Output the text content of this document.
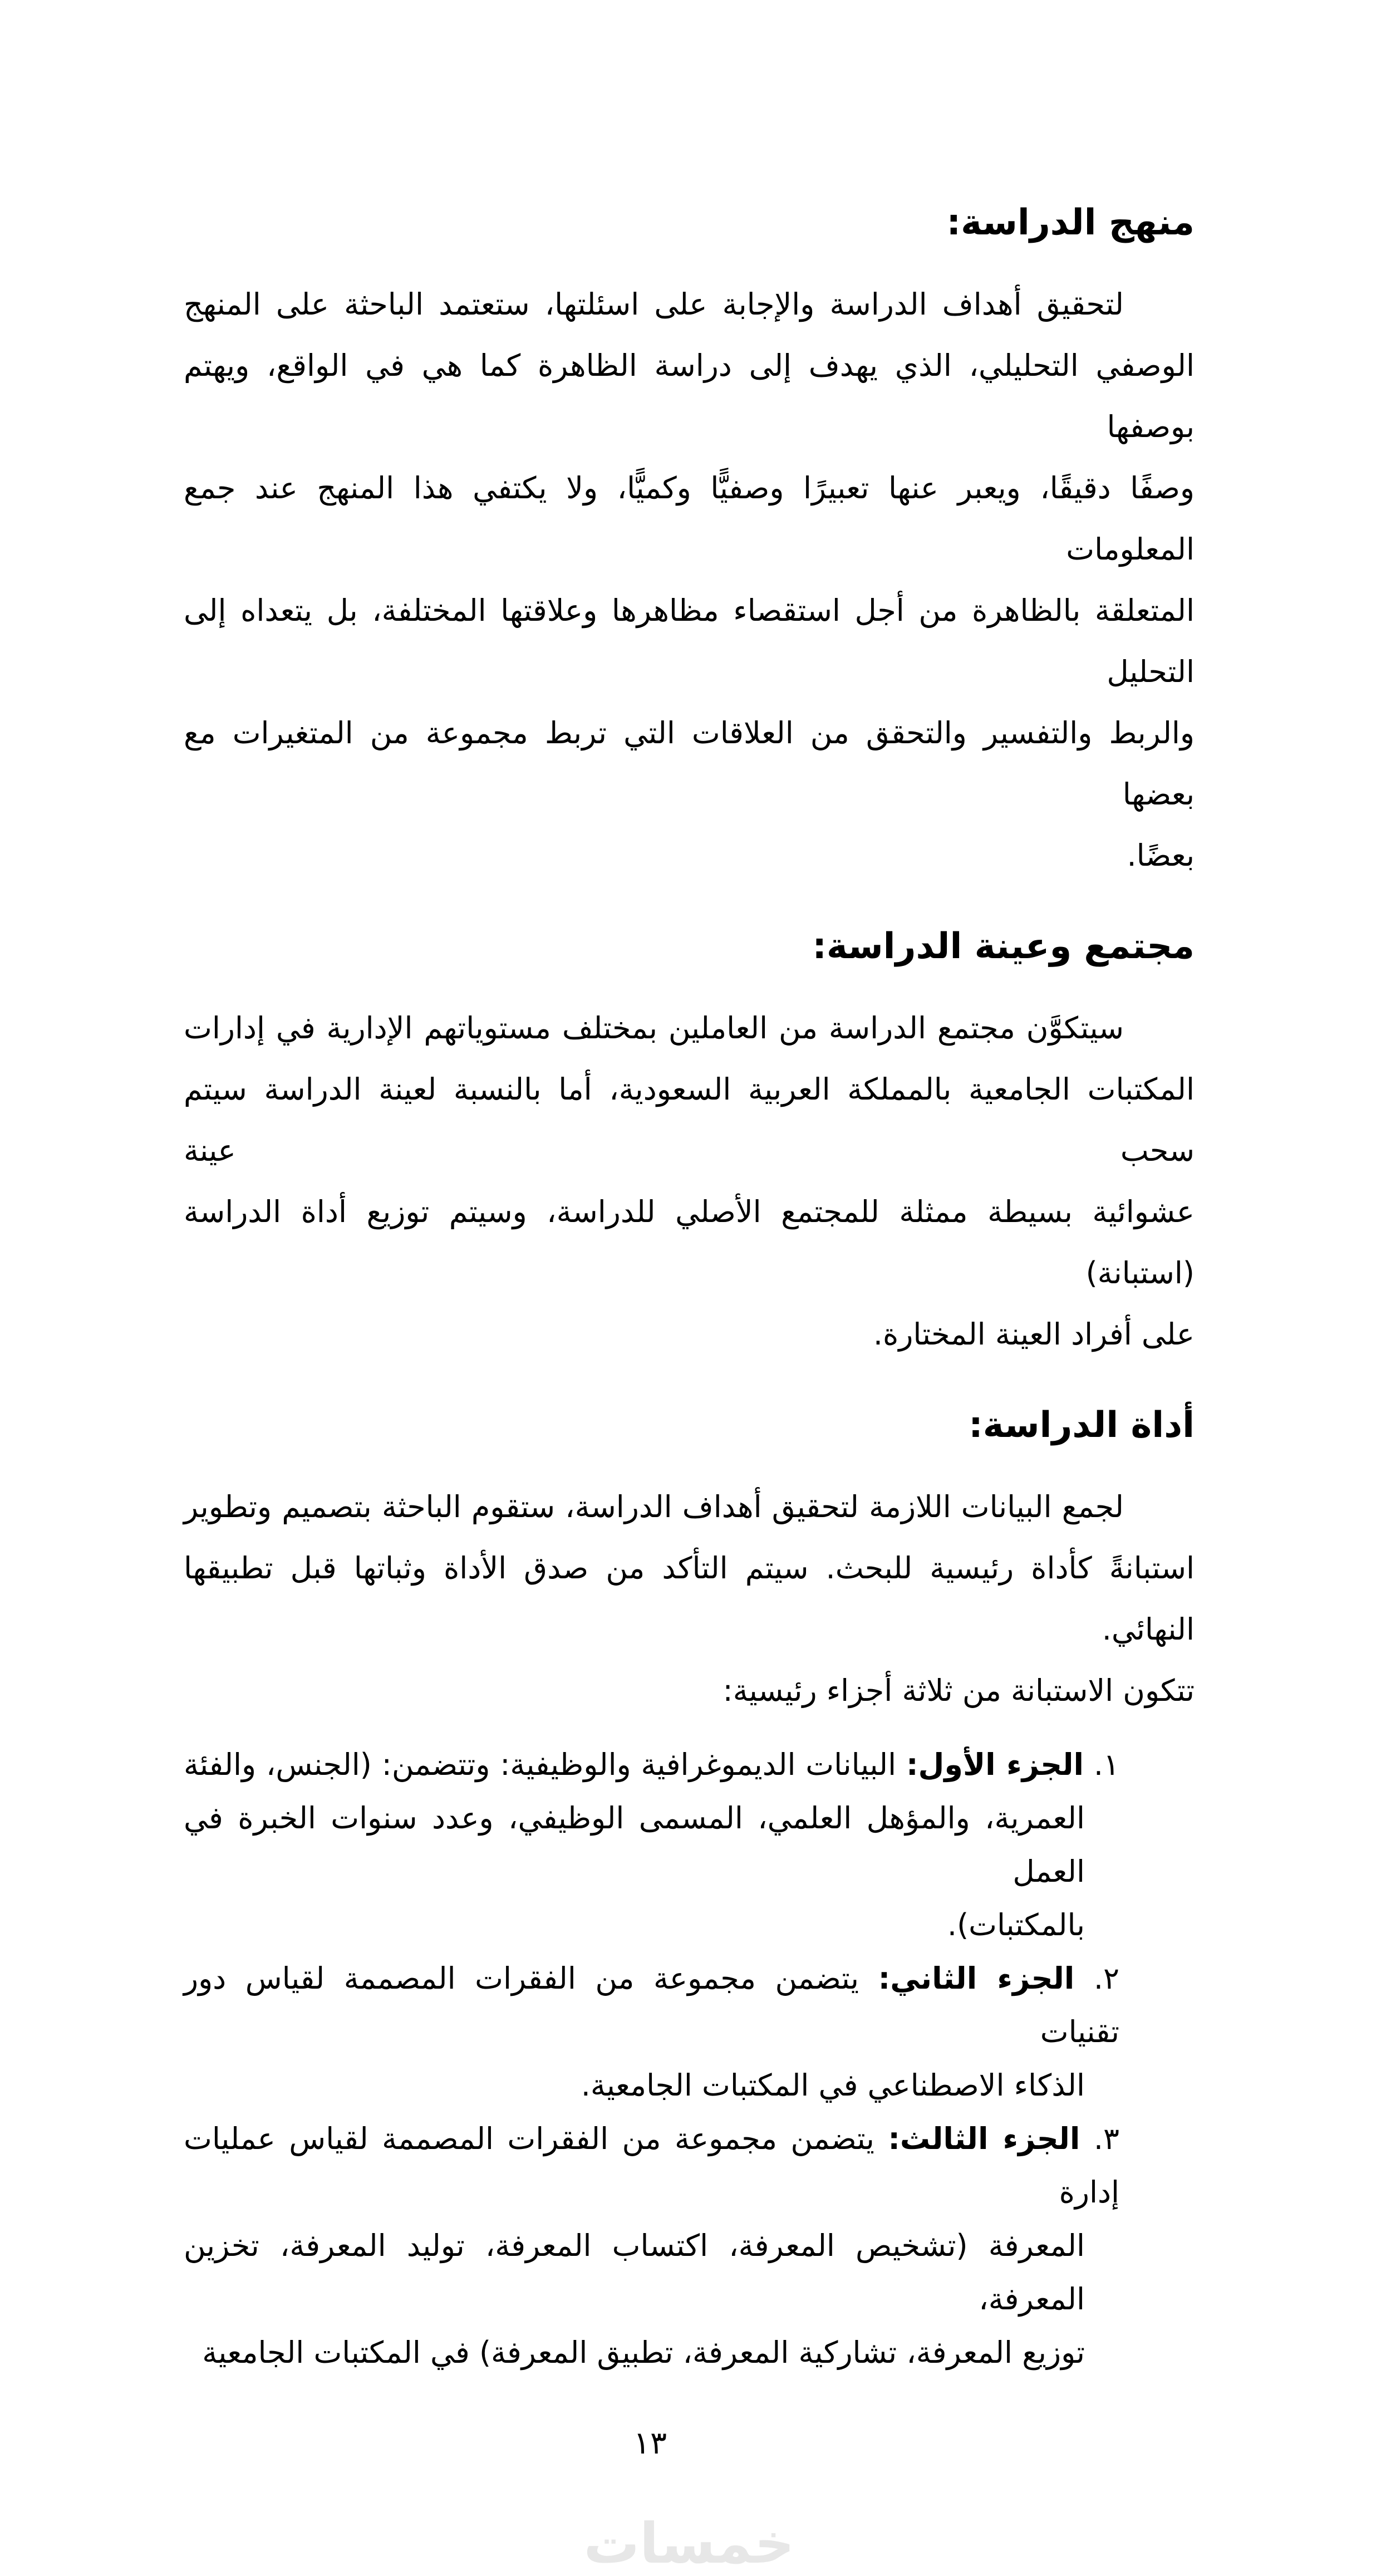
منهج الدراسة:
لتحقيق أهداف الدراسة والإجابة على اسئلتها، ستعتمد الباحثة على المنهج
الوصفي التحليلي، الذي يهدف إلى دراسة الظاهرة كما هي في الواقع، ويهتم بوصفها
وصفًا دقيقًا، ويعبر عنها تعبيرًا وصفيًّا وكميًّا، ولا يكتفي هذا المنهج عند جمع المعلومات
المتعلقة بالظاهرة من أجل استقصاء مظاهرها وعلاقتها المختلفة، بل يتعداه إلى التحليل
والربط والتفسير والتحقق من العلاقات التي تربط مجموعة من المتغيرات مع بعضها
بعضًا.
مجتمع وعينة الدراسة:
سيتكوَّن مجتمع الدراسة من العاملين بمختلف مستوياتهم الإدارية في إدارات
المكتبات الجامعية بالمملكة العربية السعودية، أما بالنسبة لعينة الدراسة سيتم سحب عينة
عشوائية بسيطة ممثلة للمجتمع الأصلي للدراسة، وسيتم توزيع أداة الدراسة (استبانة)
على أفراد العينة المختارة.
أداة الدراسة:
لجمع البيانات اللازمة لتحقيق أهداف الدراسة، ستقوم الباحثة بتصميم وتطوير
استبانةً كأداة رئيسية للبحث. سيتم التأكد من صدق الأداة وثباتها قبل تطبيقها النهائي.
تتكون الاستبانة من ثلاثة أجزاء رئيسية:
١. الجزء الأول: البيانات الديموغرافية والوظيفية: وتتضمن: (الجنس، والفئة
العمرية، والمؤهل العلمي، المسمى الوظيفي، وعدد سنوات الخبرة في العمل
بالمكتبات).
٢. الجزء الثاني: يتضمن مجموعة من الفقرات المصممة لقياس دور تقنيات
الذكاء الاصطناعي في المكتبات الجامعية.
٣. الجزء الثالث: يتضمن مجموعة من الفقرات المصممة لقياس عمليات إدارة
المعرفة (تشخيص المعرفة، اكتساب المعرفة، توليد المعرفة، تخزين المعرفة،
توزيع المعرفة، تشاركية المعرفة، تطبيق المعرفة) في المكتبات الجامعية
١٣
خمسات
